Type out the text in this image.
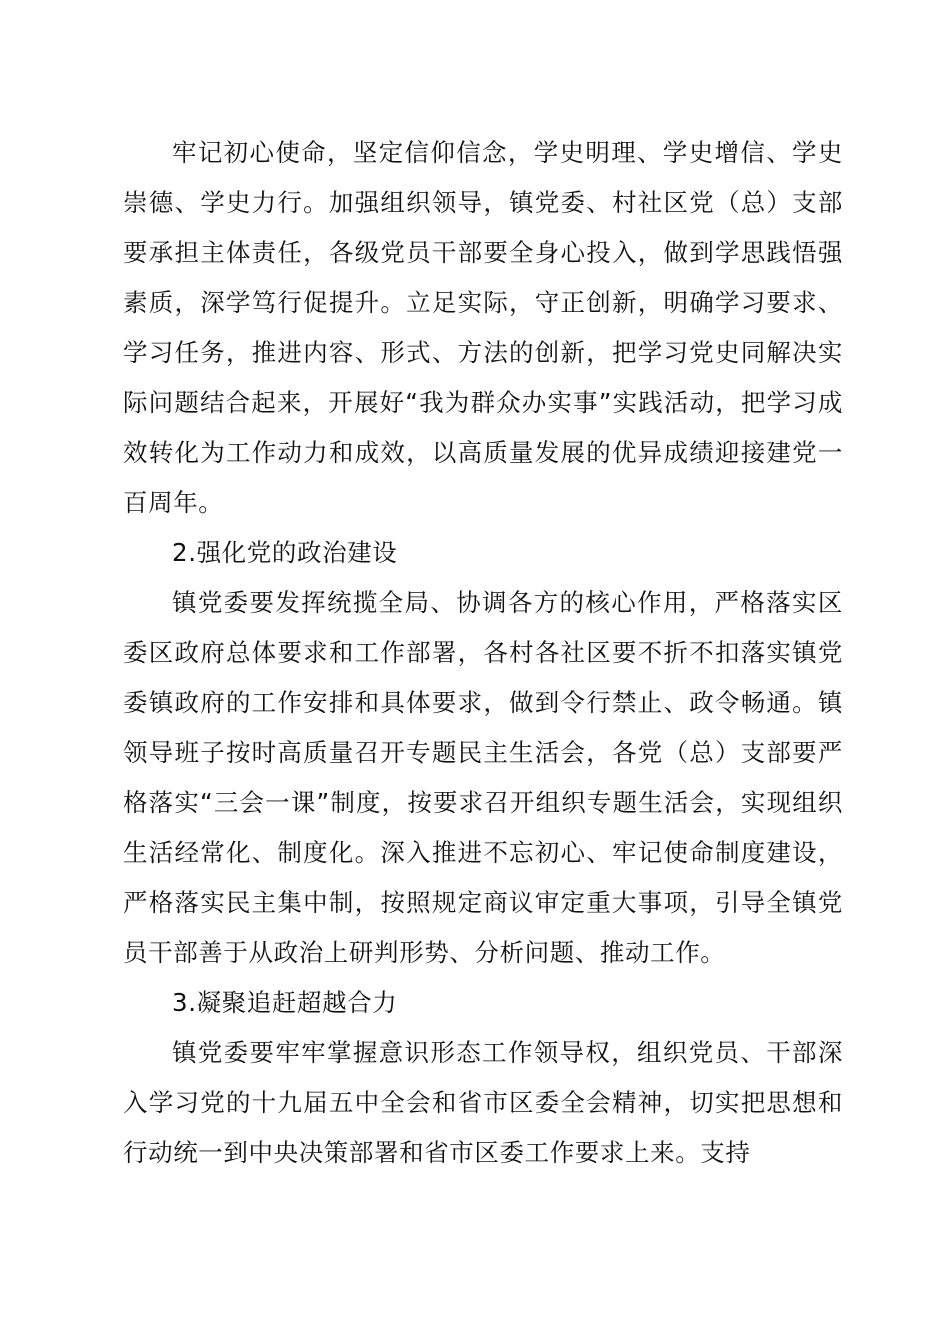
牢记初心使命，坚定信仰信念，学史明理、学史增信、学史崇德、学史力行。加强组织领导，镇党委、村社区党（总）支部要承担主体责任，各级党员干部要全身心投入，做到学思践悟强素质，深学笃行促提升。立足实际，守正创新，明确学习要求、学习任务，推进内容、形式、方法的创新，把学习党史同解决实际问题结合起来，开展好“我为群众办实事”实践活动，把学习成效转化为工作动力和成效，以高质量发展的优异成绩迎接建党一百周年。

2.强化党的政治建设

镇党委要发挥统揽全局、协调各方的核心作用，严格落实区委区政府总体要求和工作部署，各村各社区要不折不扣落实镇党委镇政府的工作安排和具体要求，做到令行禁止、政令畅通。镇领导班子按时高质量召开专题民主生活会，各党（总）支部要严格落实“三会一课”制度，按要求召开组织专题生活会，实现组织生活经常化、制度化。深入推进不忘初心、牢记使命制度建设，严格落实民主集中制，按照规定商议审定重大事项，引导全镇党员干部善于从政治上研判形势、分析问题、推动工作。

3.凝聚追赶超越合力

镇党委要牢牢掌握意识形态工作领导权，组织党员、干部深入学习党的十九届五中全会和省市区委全会精神，切实把思想和行动统一到中央决策部署和省市区委工作要求上来。支持
